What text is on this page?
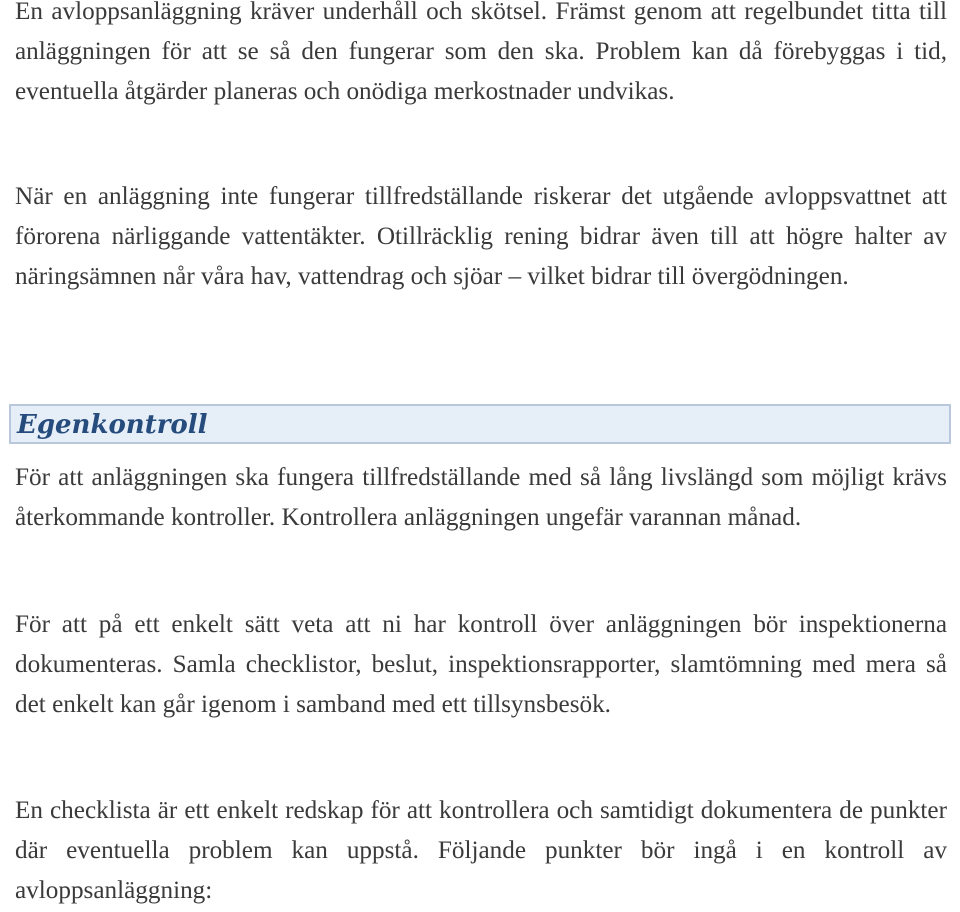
En avloppsanläggning kräver underhåll och skötsel. Främst genom att regelbundet titta till anläggningen för att se så den fungerar som den ska. Problem kan då förebyggas i tid, eventuella åtgärder planeras och onödiga merkostnader undvikas.

När en anläggning inte fungerar tillfredställande riskerar det utgående avloppsvattnet att förorena närliggande vattentäkter. Otillräcklig rening bidrar även till att högre halter av näringsämnen når våra hav, vattendrag och sjöar – vilket bidrar till övergödningen.

Egenkontroll

För att anläggningen ska fungera tillfredställande med så lång livslängd som möjligt krävs återkommande kontroller. Kontrollera anläggningen ungefär varannan månad.

För att på ett enkelt sätt veta att ni har kontroll över anläggningen bör inspektionerna dokumenteras. Samla checklistor, beslut, inspektionsrapporter, slamtömning med mera så det enkelt kan går igenom i samband med ett tillsynsbesök.

En checklista är ett enkelt redskap för att kontrollera och samtidigt dokumentera de punkter där eventuella problem kan uppstå. Följande punkter bör ingå i en kontroll av avloppsanläggning:
